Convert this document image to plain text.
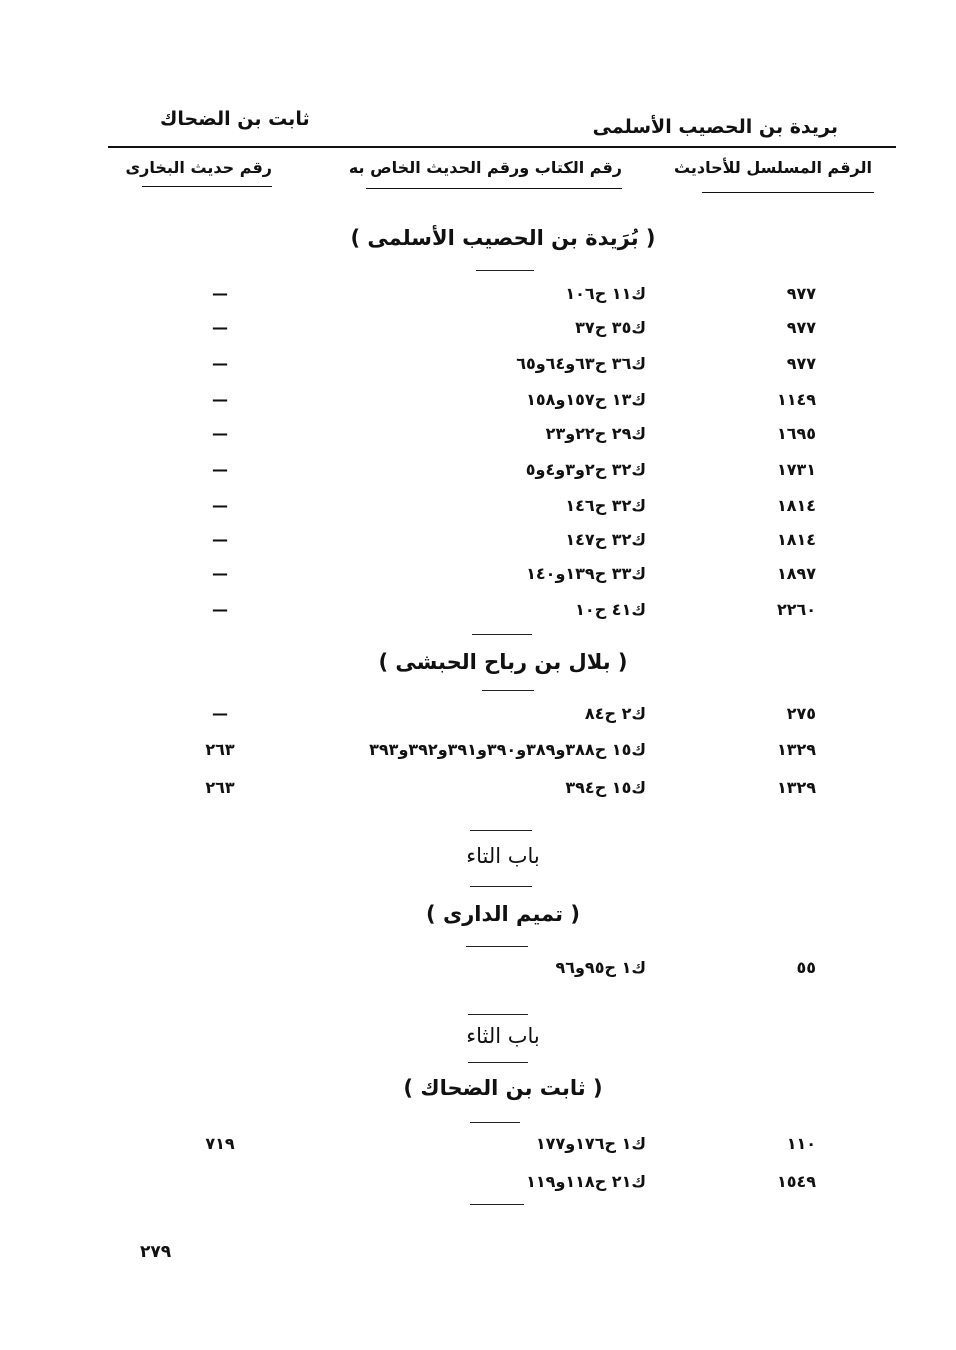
ثابت بن الضحاك	بريدة بن الحصيب الأسلمى
الرقم المسلسل للأحاديث
رقم الكتاب ورقم الحديث الخاص به
رقم حديث البخارى
( بُرَيدة بن الحصيب الأسلمى )
٩٧٧
ك١١ ح١٠٦
—
٩٧٧
ك٣٥ ح٣٧
—
٩٧٧
ك٣٦ ح٦٣و٦٤و٦٥
—
١١٤٩
ك١٣ ح١٥٧و١٥٨
—
١٦٩٥
ك٢٩ ح٢٢و٢٣
—
١٧٣١
ك٣٢ ح٢و٣و٤و٥
—
١٨١٤
ك٣٢ ح١٤٦
—
١٨١٤
ك٣٢ ح١٤٧
—
١٨٩٧
ك٣٣ ح١٣٩و١٤٠
—
٢٢٦٠
ك٤١ ح١٠
—
( بلال بن رباح الحبشى )
٢٧٥
ك٢ ح٨٤
—
١٣٢٩
ك١٥ ح٣٨٨و٣٨٩و٣٩٠و٣٩١و٣٩٢و٣٩٣
٢٦٣
١٣٢٩
ك١٥ ح٣٩٤
٢٦٣
باب التاء
( تميم الدارى )
٥٥
ك١ ح٩٥و٩٦
باب الثاء
( ثابت بن الضحاك )
١١٠
ك١ ح١٧٦و١٧٧
٧١٩
١٥٤٩
ك٢١ ح١١٨و١١٩
٢٧٩
